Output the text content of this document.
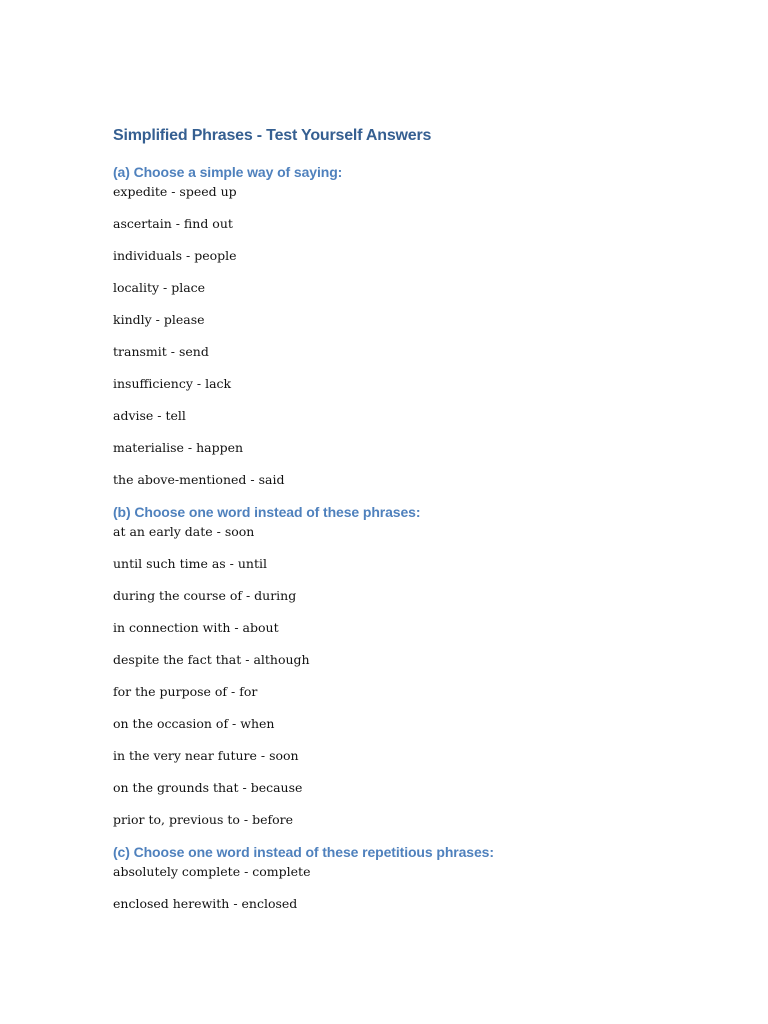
Simplified Phrases - Test Yourself Answers
(a) Choose a simple way of saying:
expedite - speed up
ascertain - find out
individuals - people
locality - place
kindly - please
transmit - send
insufficiency - lack
advise - tell
materialise - happen
the above-mentioned - said
(b) Choose one word instead of these phrases:
at an early date - soon
until such time as - until
during the course of - during
in connection with - about
despite the fact that - although
for the purpose of - for
on the occasion of - when
in the very near future - soon
on the grounds that - because
prior to, previous to - before
(c) Choose one word instead of these repetitious phrases:
absolutely complete - complete
enclosed herewith - enclosed
